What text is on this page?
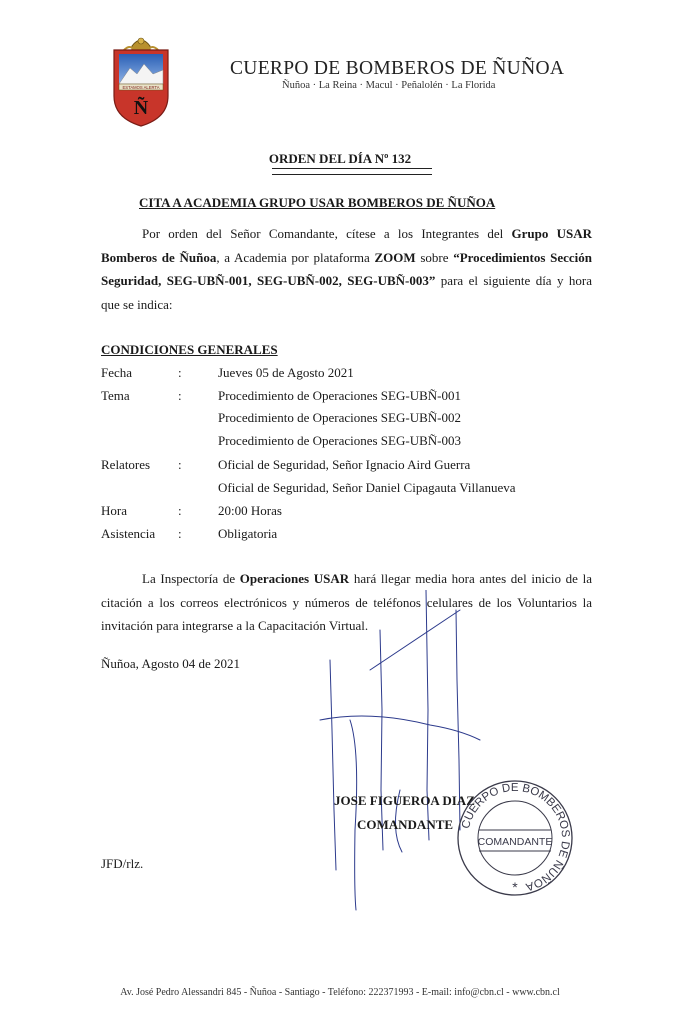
ESTAMOS ALERTA
Ñ
CUERPO DE BOMBEROS DE ÑUÑOA
Ñuñoa · La Reina · Macul · Peñalolén · La Florida
ORDEN DEL DÍA Nº 132
CITA A ACADEMIA GRUPO USAR BOMBEROS DE ÑUÑOA
Por orden del Señor Comandante, cítese a los Integrantes del Grupo USAR Bomberos de Ñuñoa, a Academia por plataforma ZOOM sobre “Procedimientos Sección Seguridad, SEG-UBÑ-001, SEG-UBÑ-002, SEG-UBÑ-003” para el siguiente día y hora que se indica:
CONDICIONES GENERALES
Fecha	:	Jueves 05 de Agosto 2021
Tema	:	Procedimiento de Operaciones SEG-UBÑ-001
Procedimiento de Operaciones SEG-UBÑ-002
Procedimiento de Operaciones SEG-UBÑ-003
Relatores :	Oficial de Seguridad, Señor Ignacio Aird Guerra
Oficial de Seguridad, Señor Daniel Cipagauta Villanueva
Hora	:	20:00 Horas
Asistencia :	Obligatoria
La Inspectoría de Operaciones USAR hará llegar media hora antes del inicio de la citación a los correos electrónicos y números de teléfonos celulares de los Voluntarios la invitación para integrarse a la Capacitación Virtual.
Ñuñoa, Agosto 04 de 2021
JOSE FIGUEROA DIAZ
COMANDANTE CUERPO DE BOMBEROS DE ÑUÑOA
COMANDANTE
*
JFD/rlz.
Av. José Pedro Alessandri 845 - Ñuñoa - Santiago - Teléfono: 222371993 - E-mail: info@cbn.cl - www.cbn.cl
